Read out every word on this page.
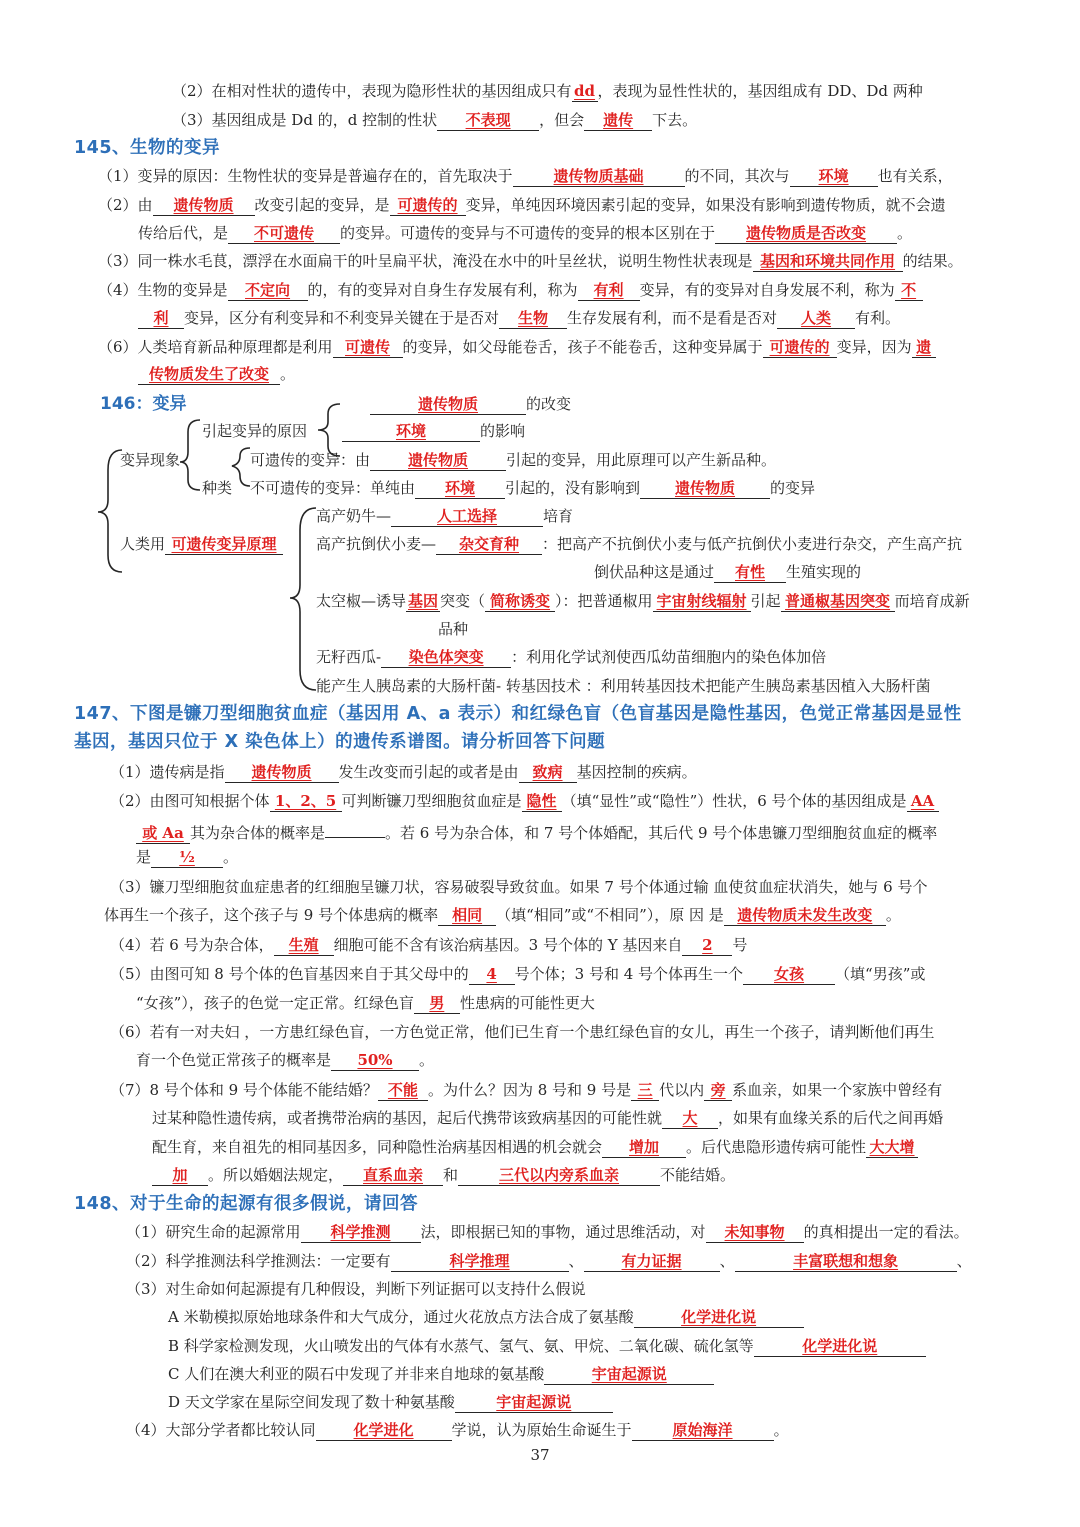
（2）在相对性状的遗传中，表现为隐形性状的基因组成只有 dd ，表现为显性性状的，基因组成有 DD、Dd 两种
（3）基因组成是 Dd 的，d 控制的性状 不表现 ，但会 遗传 下去。
145、生物的变异
（1）变异的原因：生物性状的变异是普遍存在的，首先取决于	遗传物质基础	的不同，其次与 环境 也有关系，
（2）由 遗传物质 改变引起的变异，是 可遗传的 变异，单纯因环境因素引起的变异，如果没有影响到遗传物质，就不会遗
传给后代，是 不可遗传 的变异。可遗传的变异与不可遗传的变异的根本区别在于 遗传物质是否改变 。
（3）同一株水毛茛，漂浮在水面扁干的叶呈扁平状，淹没在水中的叶呈丝状，说明生物性状表现是 基因和环境共同作用 的结果。
（4）生物的变异是 不定向 的，有的变异对自身生存发展有利，称为 有利 变异，有的变异对自身发展不利，称为 不
利 变异，区分有利变异和不利变异关键在于是否对 生物 生存发展有利，而不是看是否对 人类 有利。
（6）人类培育新品种原理都是利用 可遗传 的变异，如父母能卷舌，孩子不能卷舌，这种变异属于 可遗传的 变异，因为 遗
传物质发生了改变 。
146：变异	遗传物质	的改变
引起变异的原因	环境	的影响
变异现象	可遗传的变异：由	遗传物质	引起的变异，用此原理可以产生新品种。
种类 不可遗传的变异：单纯由 环境 引起的，没有影响到 遗传物质 的变异
高产奶牛—	人工选择	培育
人类用 可遗传变异原理	高产抗倒伏小麦— 杂交育种 ：把高产不抗倒伏小麦与低产抗倒伏小麦进行杂交，产生高产抗
倒伏品种这是通过 有性 生殖实现的
太空椒—诱导 基因 突变（ 简称诱变 ）：把普通椒用 宇宙射线辐射 引起 普通椒基因突变 而培育成新
品种
无籽西瓜- 染色体突变 ：利用化学试剂使西瓜幼苗细胞内的染色体加倍
能产生人胰岛素的大肠杆菌- 转基因技术 ：利用转基因技术把能产生胰岛素基因植入大肠杆菌
147、下图是镰刀型细胞贫血症（基因用 A、a 表示）和红绿色盲（色盲基因是隐性基因，色觉正常基因是显性
基因，基因只位于 X 染色体上）的遗传系谱图。请分析回答下问题
（1）遗传病是指 遗传物质 发生改变而引起的或者是由 致病 基因控制的疾病。
（2）由图可知根据个体 1、2、5 可判断镰刀型细胞贫血症是 隐性 （填“显性”或“隐性”）性状，6 号个体的基因组成是 AA
或 Aa 其为杂合体的概率是	。若 6 号为杂合体，和 7 号个体婚配，其后代 9 号个体患镰刀型细胞贫血症的概率
是 ½ 。
（3）镰刀型细胞贫血症患者的红细胞呈镰刀状，容易破裂导致贫血。如果 7 号个体通过输 血使贫血症状消失，她与 6 号个
体再生一个孩子，这个孩子与 9 号个体患病的概率 相同 （填“相同”或“不相同”），原 因 是 遗传物质未发生改变 。
（4）若 6 号为杂合体， 生殖 细胞可能不含有该治病基因。3 号个体的 Y 基因来自 2 号
（5）由图可知 8 号个体的色盲基因来自于其父母中的 4 号个体；3 号和 4 号个体再生一个 女孩 （填“男孩”或
“女孩”），孩子的色觉一定正常。红绿色盲 男 性患病的可能性更大
（6）若有一对夫妇 ，一方患红绿色盲，一方色觉正常，他们已生育一个患红绿色盲的女儿，再生一个孩子，请判断他们再生
育一个色觉正常孩子的概率是 50% 。
（7）8 号个体和 9 号个体能不能结婚？ 不能 。为什么？因为 8 号和 9 号是 三 代以内 旁 系血亲，如果一个家族中曾经有
过某种隐性遗传病，或者携带治病的基因，起后代携带该致病基因的可能性就 大 ，如果有血缘关系的后代之间再婚
配生育，来自祖先的相同基因多，同种隐性治病基因相遇的机会就会 增加 。后代患隐形遗传病可能性 大大增
加 。所以婚姻法规定， 直系血亲 和	三代以内旁系血亲	不能结婚。
148、对于生命的起源有很多假说，请回答
（1）研究生命的起源常用 科学推测 法，即根据已知的事物，通过思维活动，对 未知事物 的真相提出一定的看法。
（2）科学推测法科学推测法：一定要有	科学推理	、	有力证据	、	丰富联想和想象	、
（3）对生命如何起源提有几种假设，判断下列证据可以支持什么假说
A 米勒模拟原始地球条件和大气成分，通过火花放点方法合成了氨基酸	化学进化说
B 科学家检测发现，火山喷发出的气体有水蒸气、氢气、氨、甲烷、二氧化碳、硫化氢等	化学进化说
C 人们在澳大利亚的陨石中发现了并非来自地球的氨基酸	宇宙起源说
D 天文学家在星际空间发现了数十种氨基酸	宇宙起源说
（4）大部分学者都比较认同	化学进化	学说，认为原始生命诞生于	原始海洋	。
37
